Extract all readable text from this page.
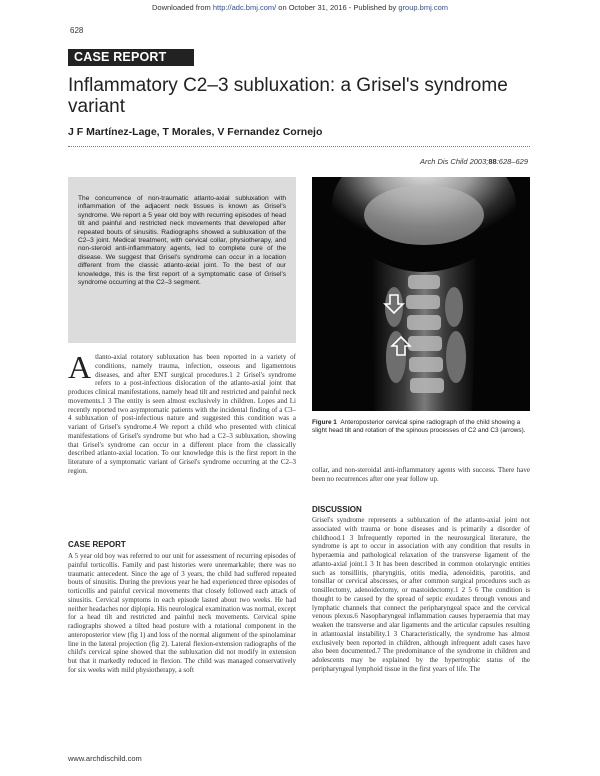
Downloaded from http://adc.bmj.com/ on October 31, 2016 - Published by group.bmj.com
628
CASE REPORT
Inflammatory C2–3 subluxation: a Grisel's syndrome variant
J F Martínez-Lage, T Morales, V Fernandez Cornejo
Arch Dis Child 2003;88:628–629

The concurrence of non-traumatic atlanto-axial subluxation with inflammation of the adjacent neck tissues is known as Grisel's syndrome. We report a 5 year old boy with recurring episodes of head tilt and painful and restricted neck movements that developed after repeated bouts of sinusitis. Radiographs showed a subluxation of the C2–3 joint. Medical treatment, with cervical collar, physiotherapy, and non-steroid anti-inflammatory agents, led to complete cure of the disease. We suggest that Grisel's syndrome can occur in a location different from the classic atlanto-axial joint. To the best of our knowledge, this is the first report of a symptomatic case of Grisel's syndrome occurring at the C2–3 segment.

Figure 1 Anteroposterior cervical spine radiograph of the child showing a slight head tilt and rotation of the spinous processes of C2 and C3 (arrows).
Atlanto-axial rotatory subluxation has been reported in a variety of conditions, namely trauma, infection, osseous and ligamentous diseases, and after ENT surgical procedures.1 2 Grisel's syndrome refers to a post-infectious dislocation of the atlanto-axial joint that produces clinical manifestations, namely head tilt and restricted and painful neck movements.1 3 The entity is seen almost exclusively in children. Lopes and Li recently reported two asymptomatic patients with the incidental finding of a C3–4 subluxation of post-infectious nature and suggested this condition was a variant of Grisel's syndrome.4 We report a child who presented with clinical manifestations of Grisel's syndrome but who had a C2–3 subluxation, showing that Grisel's syndrome can occur in a different place from the classically described atlanto-axial location. To our knowledge this is the first report in the literature of a symptomatic variant of Grisel's syndrome occurring at the C2–3 region.
CASE REPORT
A 5 year old boy was referred to our unit for assessment of recurring episodes of painful torticollis. Family and past histories were unremarkable; there was no traumatic antecedent. Since the age of 3 years, the child had suffered repeated bouts of sinusitis. During the previous year he had experienced three episodes of torticollis and painful cervical movements that closely followed each attack of sinusitis. Cervical symptoms in each episode lasted about two weeks. He had neither headaches nor diplopia. His neurological examination was normal, except for a head tilt and restricted and painful neck movements. Cervical spine radiographs showed a tilted head posture with a rotational component in the anteroposterior view (fig 1) and loss of the normal alignment of the spinolaminar line in the lateral projection (fig 2). Lateral flexion-extension radiographs of the child's cervical spine showed that the subluxation did not modify in extension but that it markedly reduced in flexion. The child was managed conservatively for six weeks with mild physiotherapy, a soft
collar, and non-steroidal anti-inflammatory agents with success. There have been no recurrences after one year follow up.
DISCUSSION
Grisel's syndrome represents a subluxation of the atlanto-axial joint not associated with trauma or bone diseases and is primarily a disorder of childhood.1 3 Infrequently reported in the neurosurgical literature, the syndrome is apt to occur in association with any condition that results in hyperaemia and pathological relaxation of the transverse ligament of the atlanto-axial joint.1 3 It has been described in common otolaryngic entities such as tonsillitis, pharyngitis, otitis media, adenoiditis, parotitis, and tonsillar or cervical abscesses, or after common surgical procedures such as tonsillectomy, adenoidectomy, or mastoidectomy.1 2 5 6 The condition is thought to be caused by the spread of septic exudates through venous and lymphatic channels that connect the peripharyngeal space and the cervical venous plexus.6 Nasopharyngeal inflammation causes hyperaemia that may weaken the transverse and alar ligaments and the articular capsules resulting in atlantoaxial instability.1 3 Characteristically, the syndrome has almost exclusively been reported in children, although infrequent adult cases have also been documented.7 The predominance of the syndrome in children and adolescents may be explained by the hypertrophic status of the peripharyngeal lymphoid tissue in the first years of life. The
www.archdischild.com
